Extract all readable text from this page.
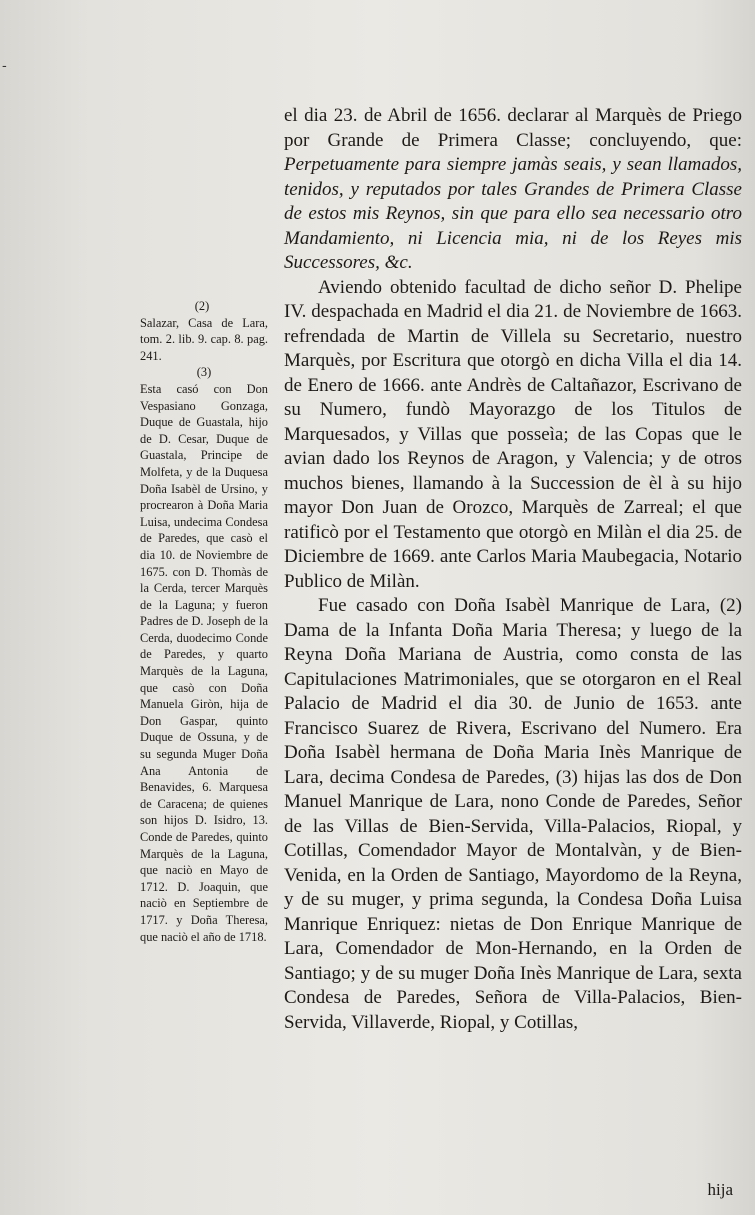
-

(2)

Salazar, Casa de Lara, tom. 2. lib. 9. cap. 8. pag. 241.

(3)

Esta casó con Don Vespasiano Gonzaga, Duque de Guastala, hijo de D. Cesar, Duque de Guastala, Principe de Molfeta, y de la Duquesa Doña Isabèl de Ursino, y procrearon à Doña Maria Luisa, undecima Condesa de Paredes, que casò el dia 10. de Noviembre de 1675. con D. Thomàs de la Cerda, tercer Marquès de la Laguna; y fueron Padres de D. Joseph de la Cerda, duodecimo Conde de Paredes, y quarto Marquès de la Laguna, que casò con Doña Manuela Giròn, hija de Don Gaspar, quinto Duque de Ossuna, y de su segunda Muger Doña Ana Antonia de Benavides, 6. Marquesa de Caracena; de quienes son hijos D. Isidro, 13. Conde de Paredes, quinto Marquès de la Laguna, que naciò en Mayo de 1712. D. Joaquin, que naciò en Septiembre de 1717. y Doña Theresa, que naciò el año de 1718.

el dia 23. de Abril de 1656. declarar al Marquès de Priego por Grande de Primera Classe; concluyendo, que: Perpetuamente para siempre jamàs seais, y sean llamados, tenidos, y reputados por tales Grandes de Primera Classe de estos mis Reynos, sin que para ello sea necessario otro Mandamiento, ni Licencia mia, ni de los Reyes mis Successores, &c.

Aviendo obtenido facultad de dicho señor D. Phelipe IV. despachada en Madrid el dia 21. de Noviembre de 1663. refrendada de Martin de Villela su Secretario, nuestro Marquès, por Escritura que otorgò en dicha Villa el dia 14. de Enero de 1666. ante Andrès de Caltañazor, Escrivano de su Numero, fundò Mayorazgo de los Titulos de Marquesados, y Villas que posseìa; de las Copas que le avian dado los Reynos de Aragon, y Valencia; y de otros muchos bienes, llamando à la Succession de èl à su hijo mayor Don Juan de Orozco, Marquès de Zarreal; el que ratificò por el Testamento que otorgò en Milàn el dia 25. de Diciembre de 1669. ante Carlos Maria Maubegacia, Notario Publico de Milàn.

Fue casado con Doña Isabèl Manrique de Lara, (2) Dama de la Infanta Doña Maria Theresa; y luego de la Reyna Doña Mariana de Austria, como consta de las Capitulaciones Matrimoniales, que se otorgaron en el Real Palacio de Madrid el dia 30. de Junio de 1653. ante Francisco Suarez de Rivera, Escrivano del Numero. Era Doña Isabèl hermana de Doña Maria Inès Manrique de Lara, decima Condesa de Paredes, (3) hijas las dos de Don Manuel Manrique de Lara, nono Conde de Paredes, Señor de las Villas de Bien-Servida, Villa-Palacios, Riopal, y Cotillas, Comendador Mayor de Montalvàn, y de Bien-Venida, en la Orden de Santiago, Mayordomo de la Reyna, y de su muger, y prima segunda, la Condesa Doña Luisa Manrique Enriquez: nietas de Don Enrique Manrique de Lara, Comendador de Mon-Hernando, en la Orden de Santiago; y de su muger Doña Inès Manrique de Lara, sexta Condesa de Paredes, Señora de Villa-Palacios, Bien-Servida, Villaverde, Riopal, y Cotillas,

hija
